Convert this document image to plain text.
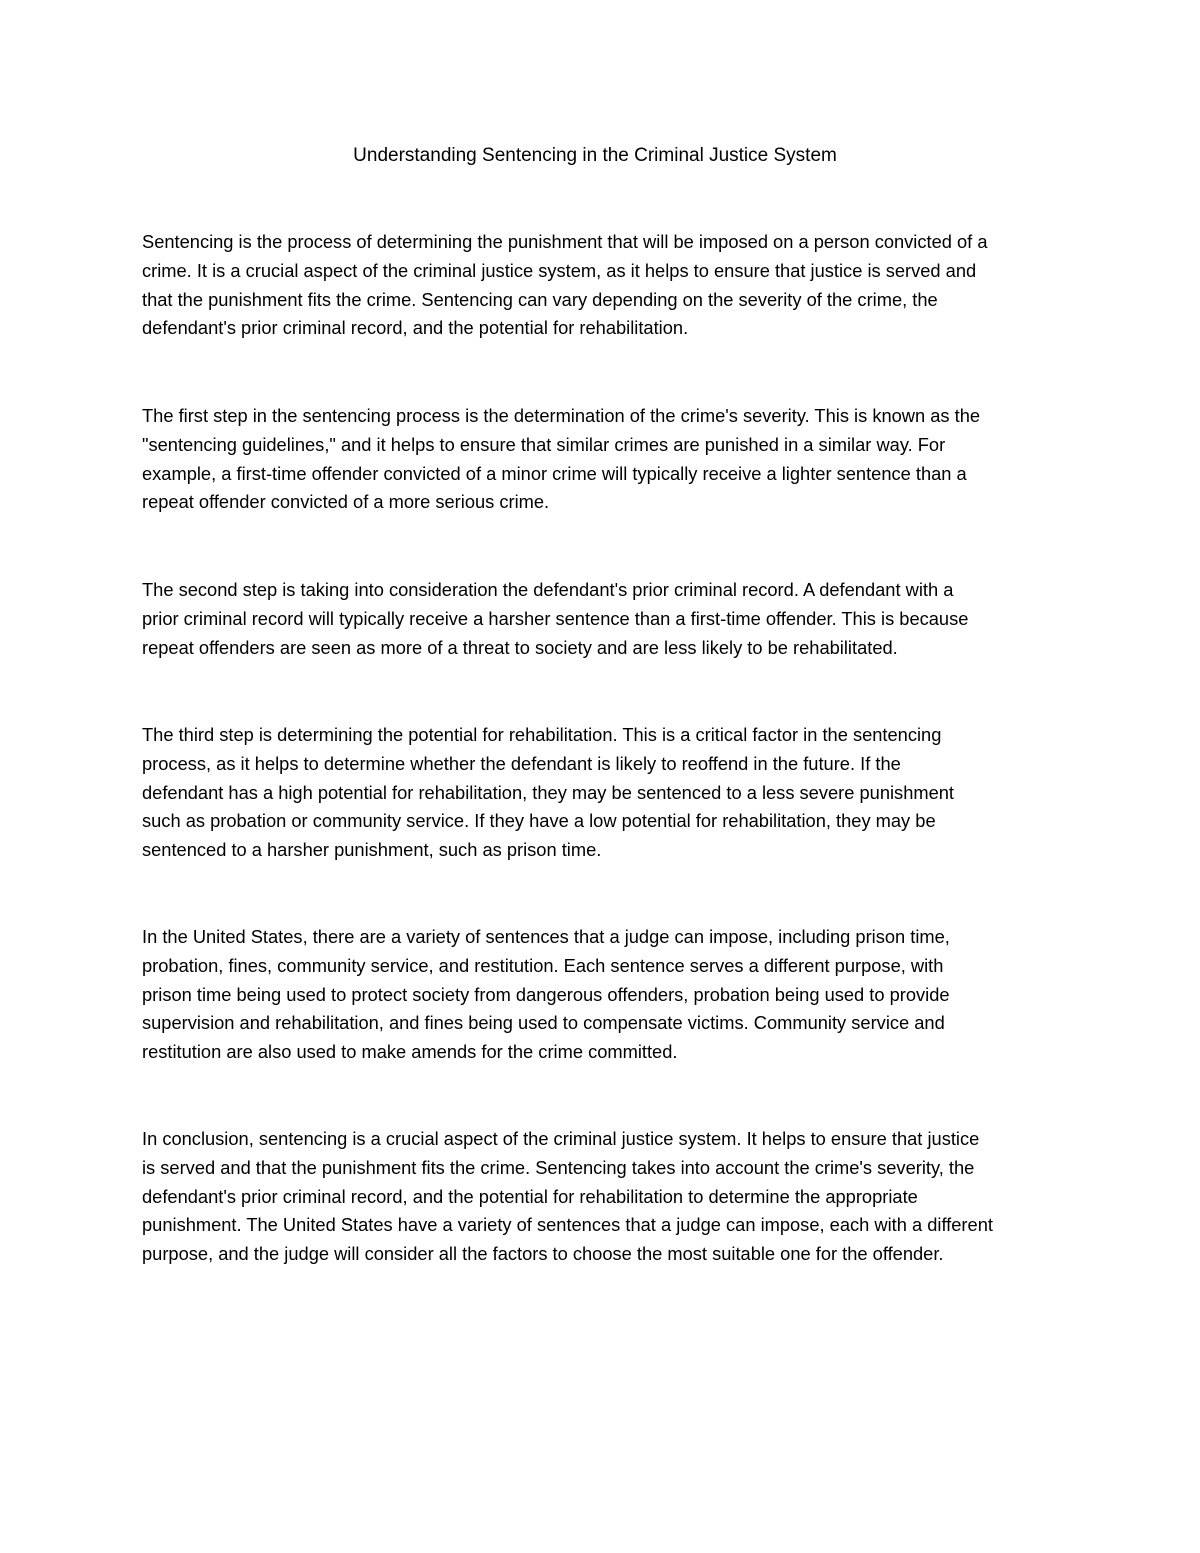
Understanding Sentencing in the Criminal Justice System
Sentencing is the process of determining the punishment that will be imposed on a person convicted of a
crime. It is a crucial aspect of the criminal justice system, as it helps to ensure that justice is served and
that the punishment fits the crime. Sentencing can vary depending on the severity of the crime, the
defendant's prior criminal record, and the potential for rehabilitation.
The first step in the sentencing process is the determination of the crime's severity. This is known as the
"sentencing guidelines," and it helps to ensure that similar crimes are punished in a similar way. For
example, a first-time offender convicted of a minor crime will typically receive a lighter sentence than a
repeat offender convicted of a more serious crime.
The second step is taking into consideration the defendant's prior criminal record. A defendant with a
prior criminal record will typically receive a harsher sentence than a first-time offender. This is because
repeat offenders are seen as more of a threat to society and are less likely to be rehabilitated.
The third step is determining the potential for rehabilitation. This is a critical factor in the sentencing
process, as it helps to determine whether the defendant is likely to reoffend in the future. If the
defendant has a high potential for rehabilitation, they may be sentenced to a less severe punishment
such as probation or community service. If they have a low potential for rehabilitation, they may be
sentenced to a harsher punishment, such as prison time.
In the United States, there are a variety of sentences that a judge can impose, including prison time,
probation, fines, community service, and restitution. Each sentence serves a different purpose, with
prison time being used to protect society from dangerous offenders, probation being used to provide
supervision and rehabilitation, and fines being used to compensate victims. Community service and
restitution are also used to make amends for the crime committed.
In conclusion, sentencing is a crucial aspect of the criminal justice system. It helps to ensure that justice
is served and that the punishment fits the crime. Sentencing takes into account the crime's severity, the
defendant's prior criminal record, and the potential for rehabilitation to determine the appropriate
punishment. The United States have a variety of sentences that a judge can impose, each with a different
purpose, and the judge will consider all the factors to choose the most suitable one for the offender.
